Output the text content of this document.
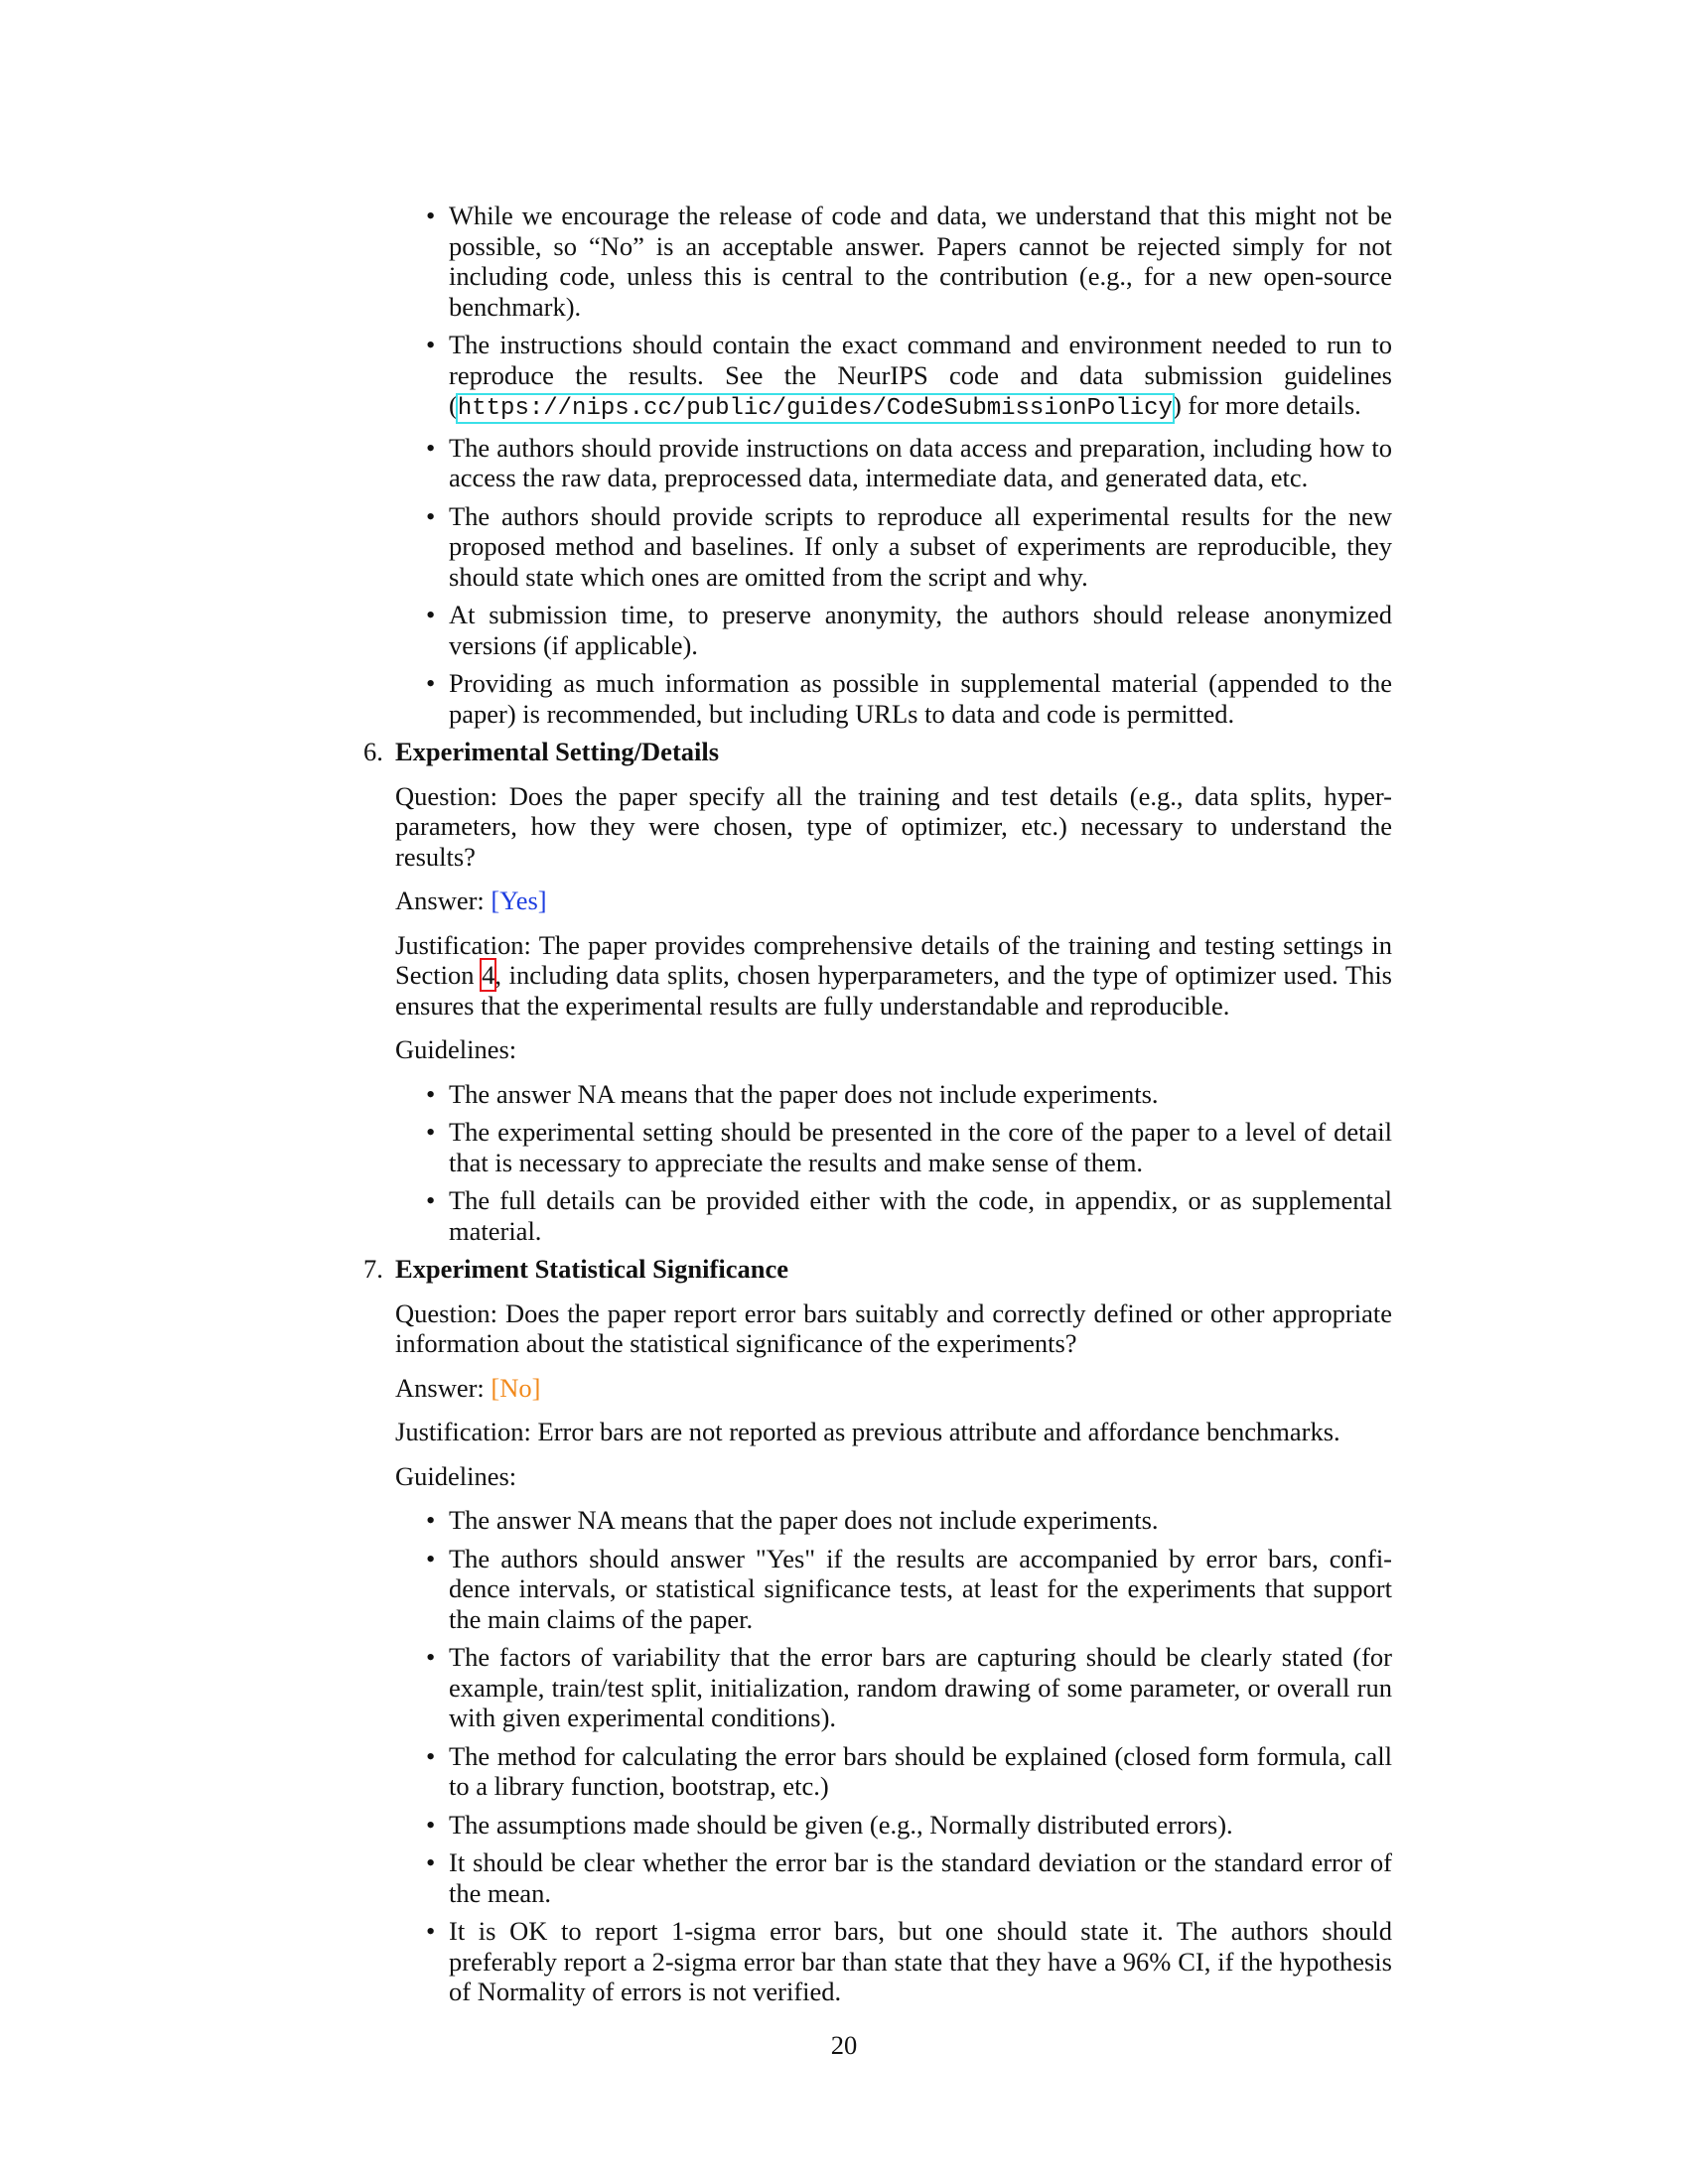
• While we encourage the release of code and data, we understand that this might not be possible, so “No” is an acceptable answer. Papers cannot be rejected simply for not including code, unless this is central to the contribution (e.g., for a new open-source benchmark).
• The instructions should contain the exact command and environment needed to run to reproduce the results. See the NeurIPS code and data submission guidelines (https://nips.cc/public/guides/CodeSubmissionPolicy) for more details.
• The authors should provide instructions on data access and preparation, including how to access the raw data, preprocessed data, intermediate data, and generated data, etc.
• The authors should provide scripts to reproduce all experimental results for the new proposed method and baselines. If only a subset of experiments are reproducible, they should state which ones are omitted from the script and why.
• At submission time, to preserve anonymity, the authors should release anonymized versions (if applicable).
• Providing as much information as possible in supplemental material (appended to the paper) is recommended, but including URLs to data and code is permitted.
6. Experimental Setting/Details

Question: Does the paper specify all the training and test details (e.g., data splits, hyper-parameters, how they were chosen, type of optimizer, etc.) necessary to understand the results?

Answer: [Yes]

Justification: The paper provides comprehensive details of the training and testing settings in Section 4, including data splits, chosen hyperparameters, and the type of optimizer used. This ensures that the experimental results are fully understandable and reproducible.

Guidelines:

• The answer NA means that the paper does not include experiments.
• The experimental setting should be presented in the core of the paper to a level of detail that is necessary to appreciate the results and make sense of them.
• The full details can be provided either with the code, in appendix, or as supplemental material.
7. Experiment Statistical Significance

Question: Does the paper report error bars suitably and correctly defined or other appropriate information about the statistical significance of the experiments?

Answer: [No]

Justification: Error bars are not reported as previous attribute and affordance benchmarks.

Guidelines:

• The answer NA means that the paper does not include experiments.
• The authors should answer "Yes" if the results are accompanied by error bars, confi-dence intervals, or statistical significance tests, at least for the experiments that support the main claims of the paper.
• The factors of variability that the error bars are capturing should be clearly stated (for example, train/test split, initialization, random drawing of some parameter, or overall run with given experimental conditions).
• The method for calculating the error bars should be explained (closed form formula, call to a library function, bootstrap, etc.)
• The assumptions made should be given (e.g., Normally distributed errors).
• It should be clear whether the error bar is the standard deviation or the standard error of the mean.
• It is OK to report 1-sigma error bars, but one should state it. The authors should preferably report a 2-sigma error bar than state that they have a 96% CI, if the hypothesis of Normality of errors is not verified.
20
